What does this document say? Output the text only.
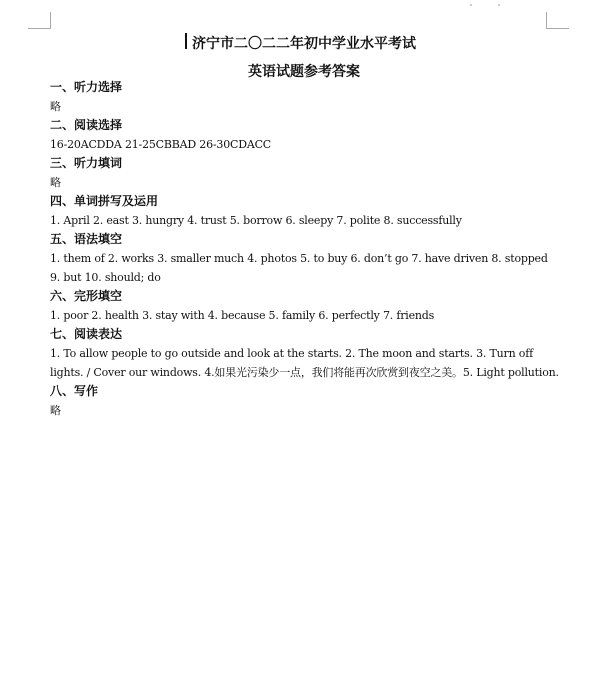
济宁市二〇二二年初中学业水平考试
英语试题参考答案
一、听力选择
略
二、阅读选择
16-20ACDDA 21-25CBBAD 26-30CDACC
三、听力填词
略
四、单词拼写及运用
1. April 2. east 3. hungry 4. trust 5. borrow 6. sleepy 7. polite 8. successfully
五、语法填空
1. them of 2. works 3. smaller much 4. photos 5. to buy 6. don’t go 7. have driven 8. stopped 9. but 10. should; do
六、完形填空
1. poor 2. health 3. stay with 4. because 5. family 6. perfectly 7. friends
七、阅读表达
1. To allow people to go outside and look at the starts. 2. The moon and starts. 3. Turn off lights. / Cover our windows. 4.如果光污染少一点，我们将能再次欣赏到夜空之美。5. Light pollution.
八、写作
略
